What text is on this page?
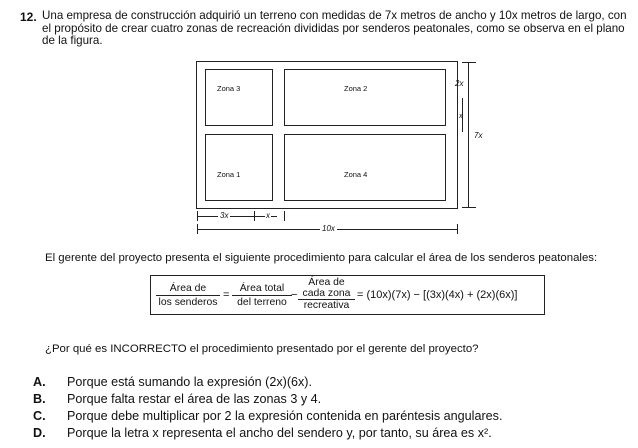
12. Una empresa de construcción adquirió un terreno con medidas de 7x metros de ancho y 10x metros de largo, con el propósito de crear cuatro zonas de recreación divididas por senderos peatonales, como se observa en el plano de la figura.
Zona 3	Zona 2
Zona 1	Zona 4
2x
x
7x
3x	x
10x
El gerente del proyecto presenta el siguiente procedimiento para calcular el área de los senderos peatonales:
Área de
los senderos
=
Área total
del terreno
−
Área de
cada zona
recreativa
= (10x)(7x) − [(3x)(4x) + (2x)(6x)]
¿Por qué es INCORRECTO el procedimiento presentado por el gerente del proyecto?
A. Porque está sumando la expresión (2x)(6x).
B. Porque falta restar el área de las zonas 3 y 4.
C. Porque debe multiplicar por 2 la expresión contenida en paréntesis angulares.
D. Porque la letra x representa el ancho del sendero y, por tanto, su área es x².
